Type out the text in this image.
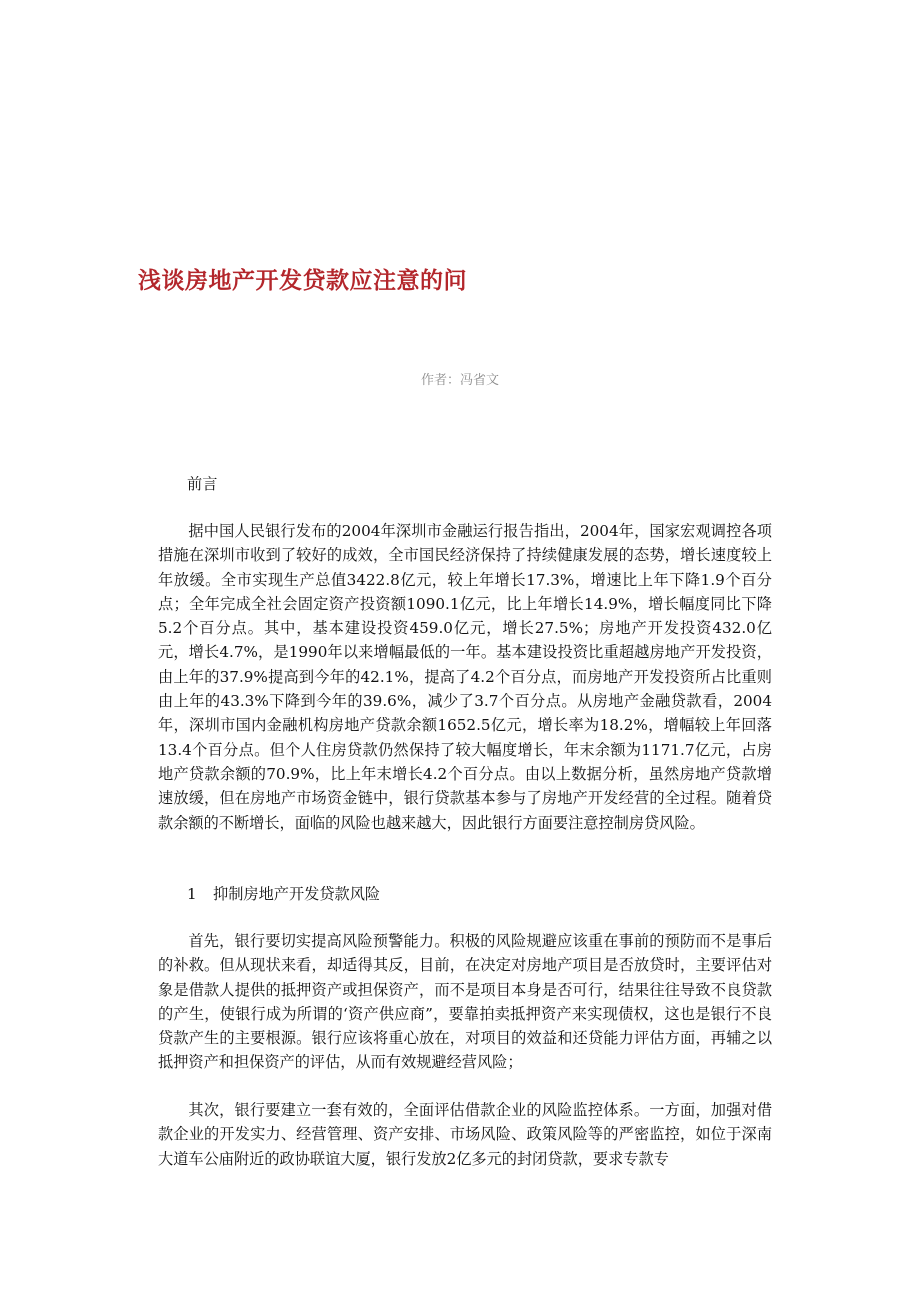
浅谈房地产开发贷款应注意的问
作者：冯省文
前言
据中国人民银行发布的2004年深圳市金融运行报告指出，2004年，国家宏观调控各项措施在深圳市收到了较好的成效，全市国民经济保持了持续健康发展的态势，增长速度较上年放缓。全市实现生产总值3422.8亿元，较上年增长17.3%，增速比上年下降1.9个百分点；全年完成全社会固定资产投资额1090.1亿元，比上年增长14.9%，增长幅度同比下降5.2个百分点。其中，基本建设投资459.0亿元，增长27.5%；房地产开发投资432.0亿元，增长4.7%，是1990年以来增幅最低的一年。基本建设投资比重超越房地产开发投资，由上年的37.9%提高到今年的42.1%，提高了4.2个百分点，而房地产开发投资所占比重则由上年的43.3%下降到今年的39.6%，减少了3.7个百分点。从房地产金融贷款看，2004年，深圳市国内金融机构房地产贷款余额1652.5亿元，增长率为18.2%，增幅较上年回落13.4个百分点。但个人住房贷款仍然保持了较大幅度增长，年末余额为1171.7亿元，占房地产贷款余额的70.9%，比上年末增长4.2个百分点。由以上数据分析，虽然房地产贷款增速放缓，但在房地产市场资金链中，银行贷款基本参与了房地产开发经营的全过程。随着贷款余额的不断增长，面临的风险也越来越大，因此银行方面要注意控制房贷风险。
1 抑制房地产开发贷款风险
首先，银行要切实提高风险预警能力。积极的风险规避应该重在事前的预防而不是事后的补救。但从现状来看，却适得其反，目前，在决定对房地产项目是否放贷时，主要评估对象是借款人提供的抵押资产或担保资产，而不是项目本身是否可行，结果往往导致不良贷款的产生，使银行成为所谓的‘资产供应商”，要靠拍卖抵押资产来实现债权，这也是银行不良贷款产生的主要根源。银行应该将重心放在，对项目的效益和还贷能力评估方面，再辅之以抵押资产和担保资产的评估，从而有效规避经营风险；
其次，银行要建立一套有效的，全面评估借款企业的风险监控体系。一方面，加强对借款企业的开发实力、经营管理、资产安排、市场风险、政策风险等的严密监控，如位于深南大道车公庙附近的政协联谊大厦，银行发放2亿多元的封闭贷款，要求专款专
